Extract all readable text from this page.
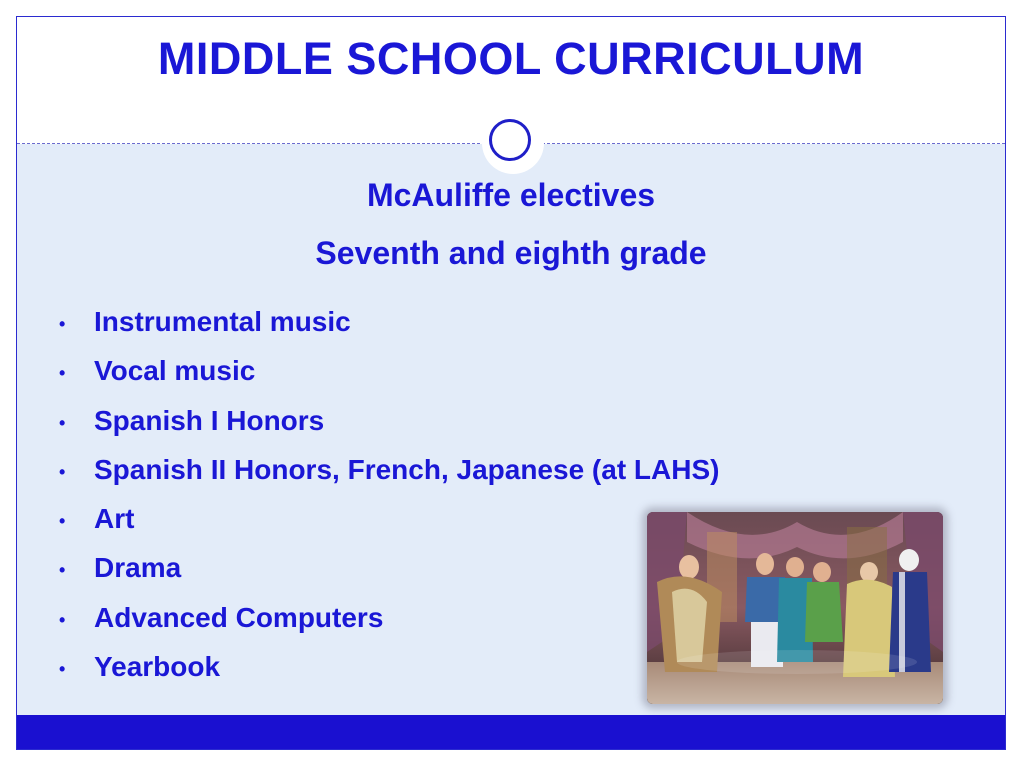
MIDDLE SCHOOL CURRICULUM
McAuliffe electives
Seventh and eighth grade
•	Instrumental music
•	Vocal music
•	Spanish I Honors
•	Spanish II Honors, French, Japanese (at LAHS)
•	Art
•	Drama
•	Advanced Computers
•	Yearbook
